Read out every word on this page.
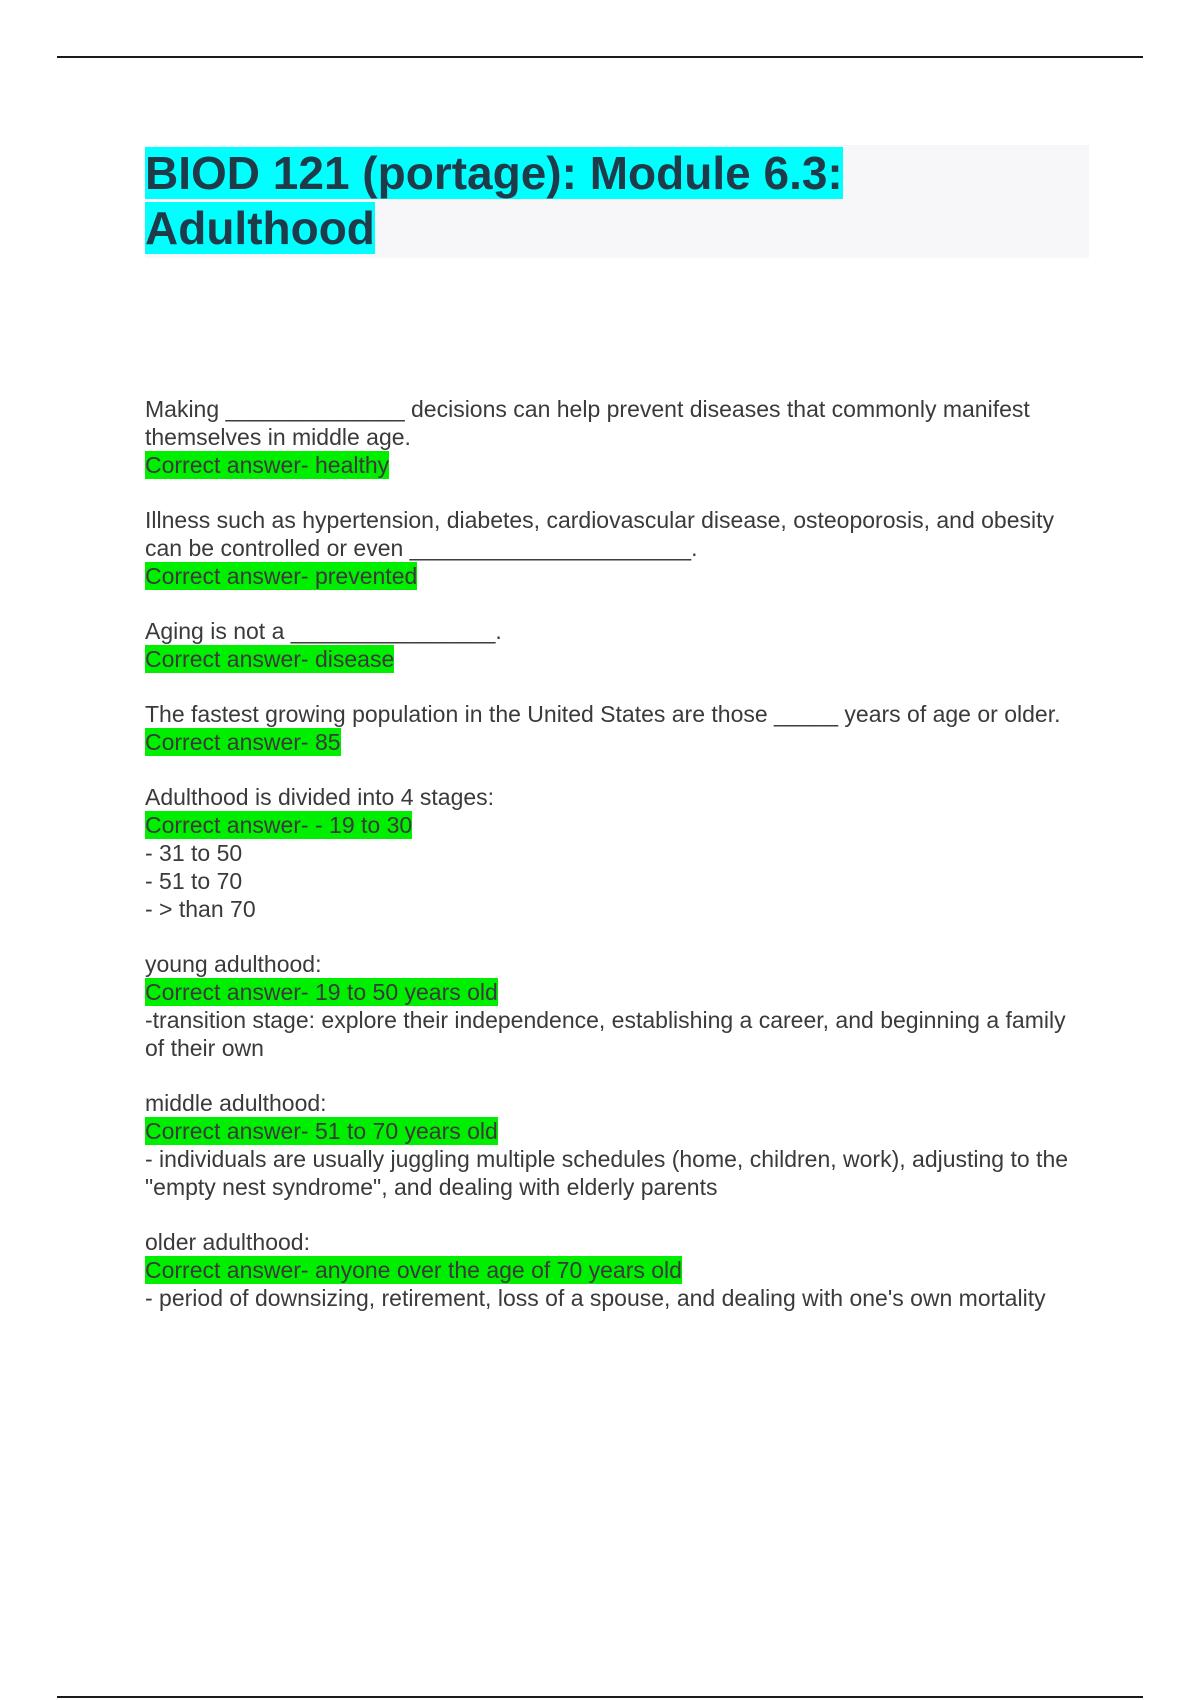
BIOD 121 (portage): Module 6.3:
Adulthood

Making ______________ decisions can help prevent diseases that commonly manifest themselves in middle age.

Correct answer- healthy

Illness such as hypertension, diabetes, cardiovascular disease, osteoporosis, and obesity can be controlled or even ______________________.

Correct answer- prevented

Aging is not a ________________.

Correct answer- disease

The fastest growing population in the United States are those _____ years of age or older.

Correct answer- 85

Adulthood is divided into 4 stages:

Correct answer- - 19 to 30

- 31 to 50

- 51 to 70

- > than 70

young adulthood:

Correct answer- 19 to 50 years old

-transition stage: explore their independence, establishing a career, and beginning a family of their own

middle adulthood:

Correct answer- 51 to 70 years old

- individuals are usually juggling multiple schedules (home, children, work), adjusting to the "empty nest syndrome", and dealing with elderly parents

older adulthood:

Correct answer- anyone over the age of 70 years old

- period of downsizing, retirement, loss of a spouse, and dealing with one's own mortality
